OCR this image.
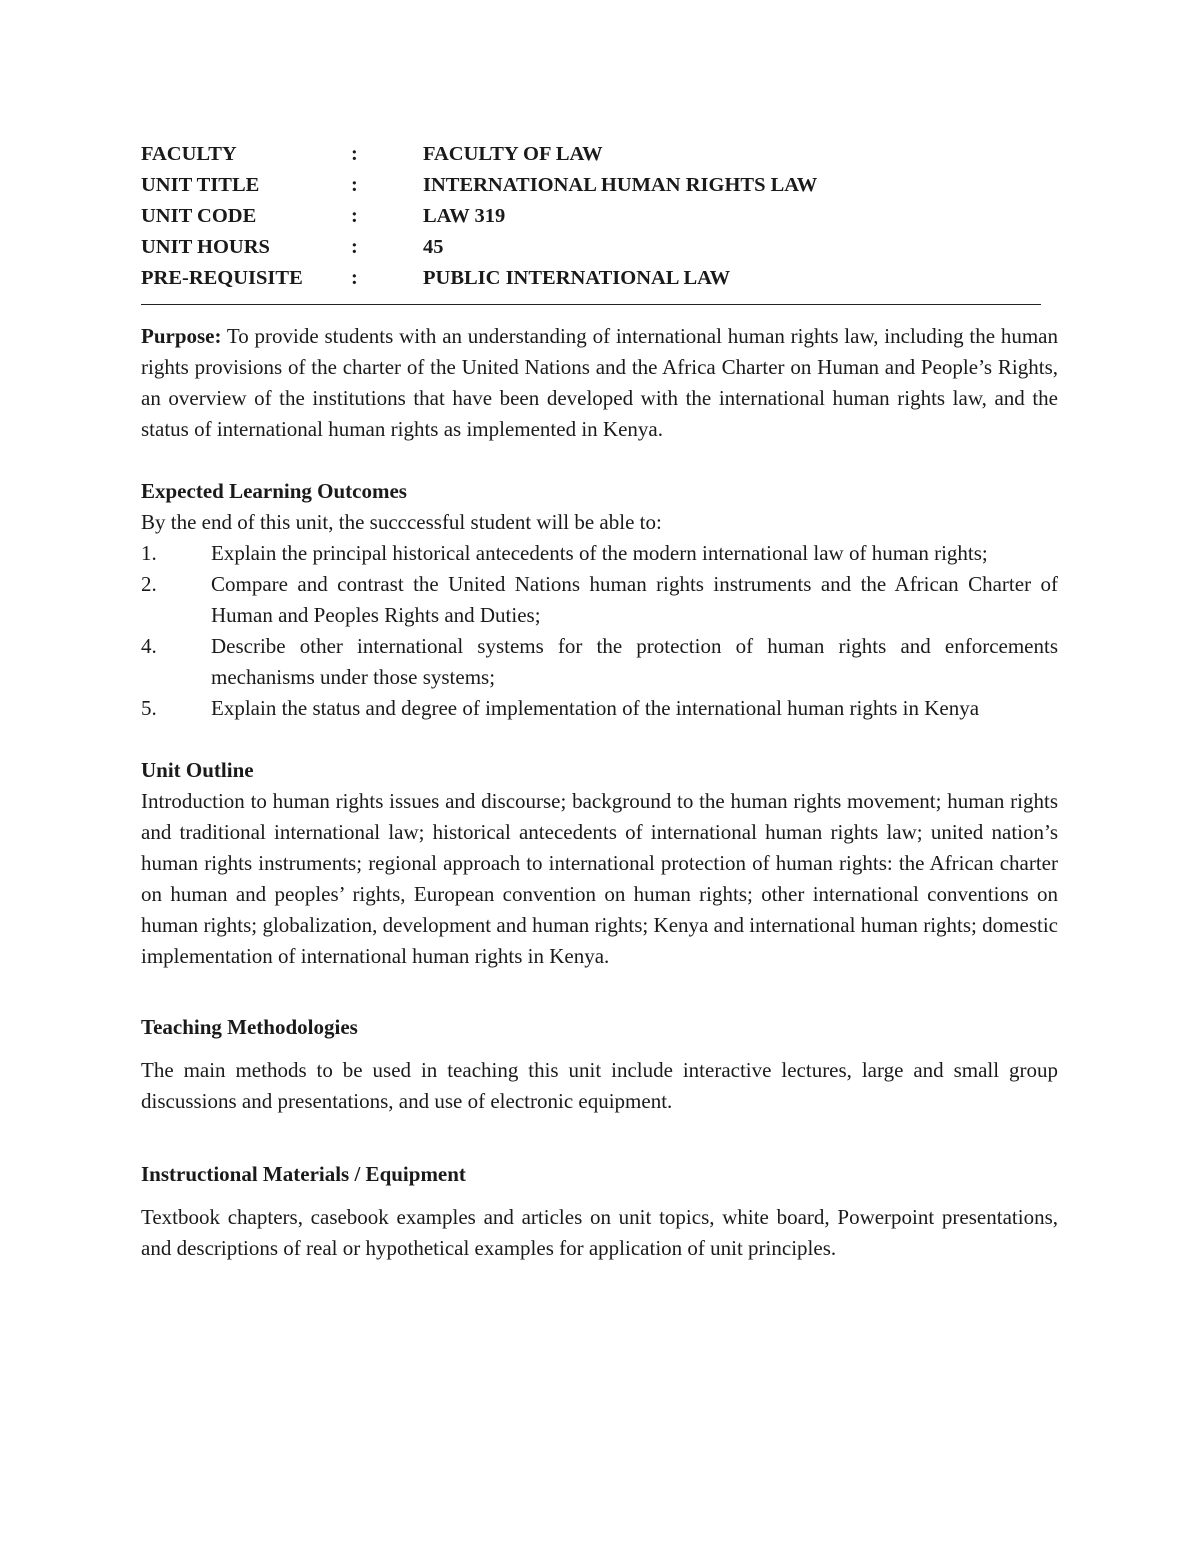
FACULTY	:	FACULTY OF LAW
UNIT TITLE	:	INTERNATIONAL HUMAN RIGHTS LAW
UNIT CODE	:	LAW 319
UNIT HOURS	:	45
PRE-REQUISITE	:	PUBLIC INTERNATIONAL LAW

Purpose: To provide students with an understanding of international human rights law, including the human rights provisions of the charter of the United Nations and the Africa Charter on Human and People’s Rights, an overview of the institutions that have been developed with the international human rights law, and the status of international human rights as implemented in Kenya.

Expected Learning Outcomes

By the end of this unit, the succcessful student will be able to:

1.	Explain the principal historical antecedents of the modern international law of human rights;
2.	Compare and contrast the United Nations human rights instruments and the African Charter of Human and Peoples Rights and Duties;
4.	Describe other international systems for the protection of human rights and enforcements mechanisms under those systems;
5.	Explain the status and degree of implementation of the international human rights in Kenya

Unit Outline

Introduction to human rights issues and discourse; background to the human rights movement; human rights and traditional international law; historical antecedents of international human rights law; united nation’s human rights instruments; regional approach to international protection of human rights: the African charter on human and peoples’ rights, European convention on human rights; other international conventions on human rights; globalization, development and human rights; Kenya and international human rights; domestic implementation of international human rights in Kenya.

Teaching Methodologies

The main methods to be used in teaching this unit include interactive lectures, large and small group discussions and presentations, and use of electronic equipment.

Instructional Materials / Equipment

Textbook chapters, casebook examples and articles on unit topics, white board, Powerpoint presentations, and descriptions of real or hypothetical examples for application of unit principles.
